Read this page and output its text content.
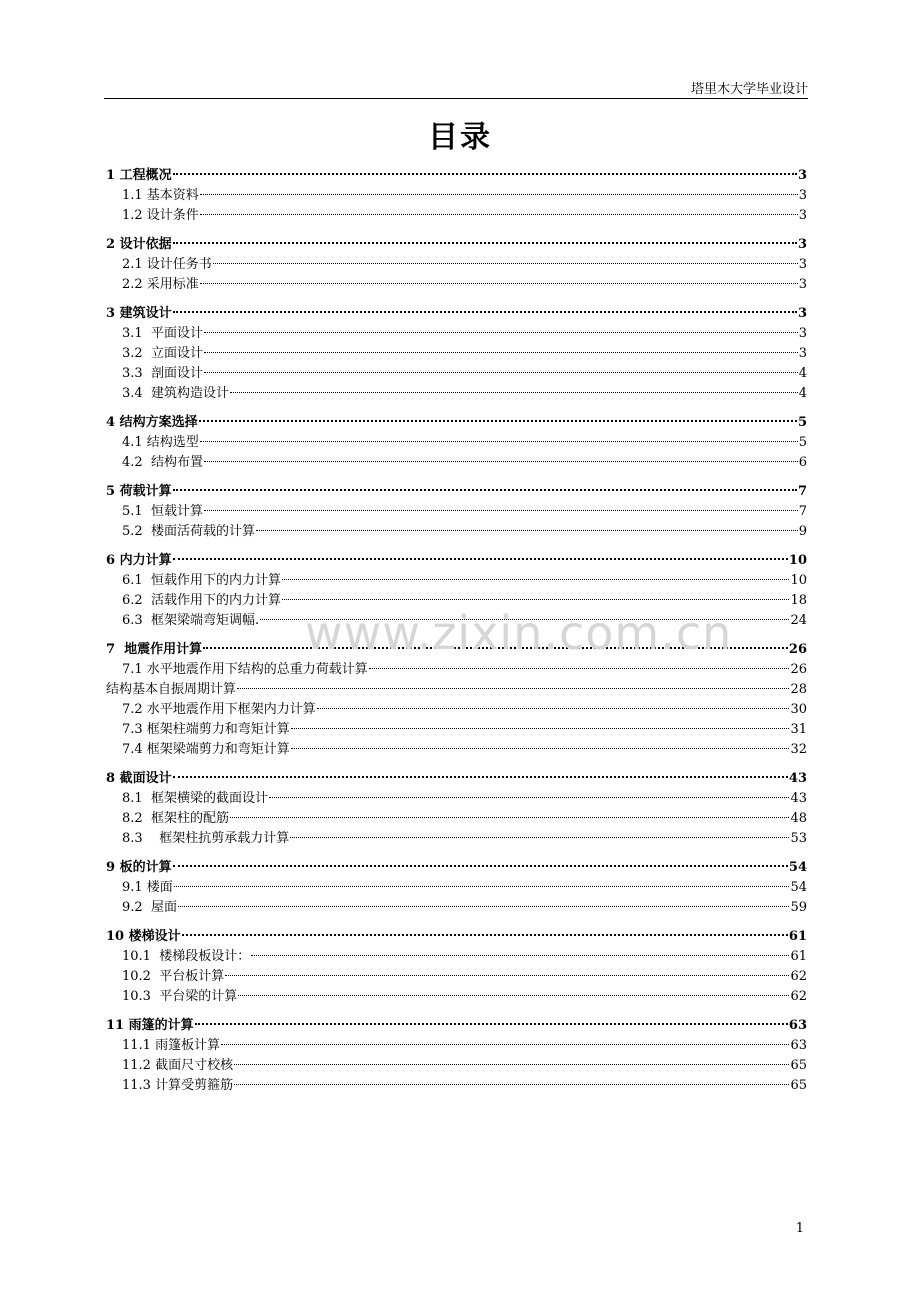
塔里木大学毕业设计
目录
1 工程概况	3
1.1 基本资料	3
1.2 设计条件	3
2 设计依据	3
2.1 设计任务书	3
2.2 采用标准	3
3 建筑设计	3
3.1  平面设计	3
3.2  立面设计	3
3.3  剖面设计	4
3.4  建筑构造设计	4
4 结构方案选择	5
4.1 结构选型	5
4.2  结构布置	6
5 荷载计算	7
5.1  恒载计算	7
5.2  楼面活荷载的计算	9
6 内力计算	10
6.1  恒载作用下的内力计算	10
6.2  活载作用下的内力计算	18
6.3  框架梁端弯矩调幅.	24
7  地震作用计算	26
7.1 水平地震作用下结构的总重力荷载计算	26
结构基本自振周期计算	28
7.2 水平地震作用下框架内力计算	30
7.3 框架柱端剪力和弯矩计算	31
7.4 框架梁端剪力和弯矩计算	32
8 截面设计	43
8.1  框架横梁的截面设计	43
8.2  框架柱的配筋	48
8.3    框架柱抗剪承载力计算	53
9 板的计算	54
9.1 楼面	54
9.2  屋面	59
10 楼梯设计	61
10.1  楼梯段板设计：	61
10.2  平台板计算	62
10.3  平台梁的计算	62
11 雨篷的计算	63
11.1 雨篷板计算	63
11.2 截面尺寸校核	65
11.3 计算受剪箍筋	65
www.zixin.com.cn
1
